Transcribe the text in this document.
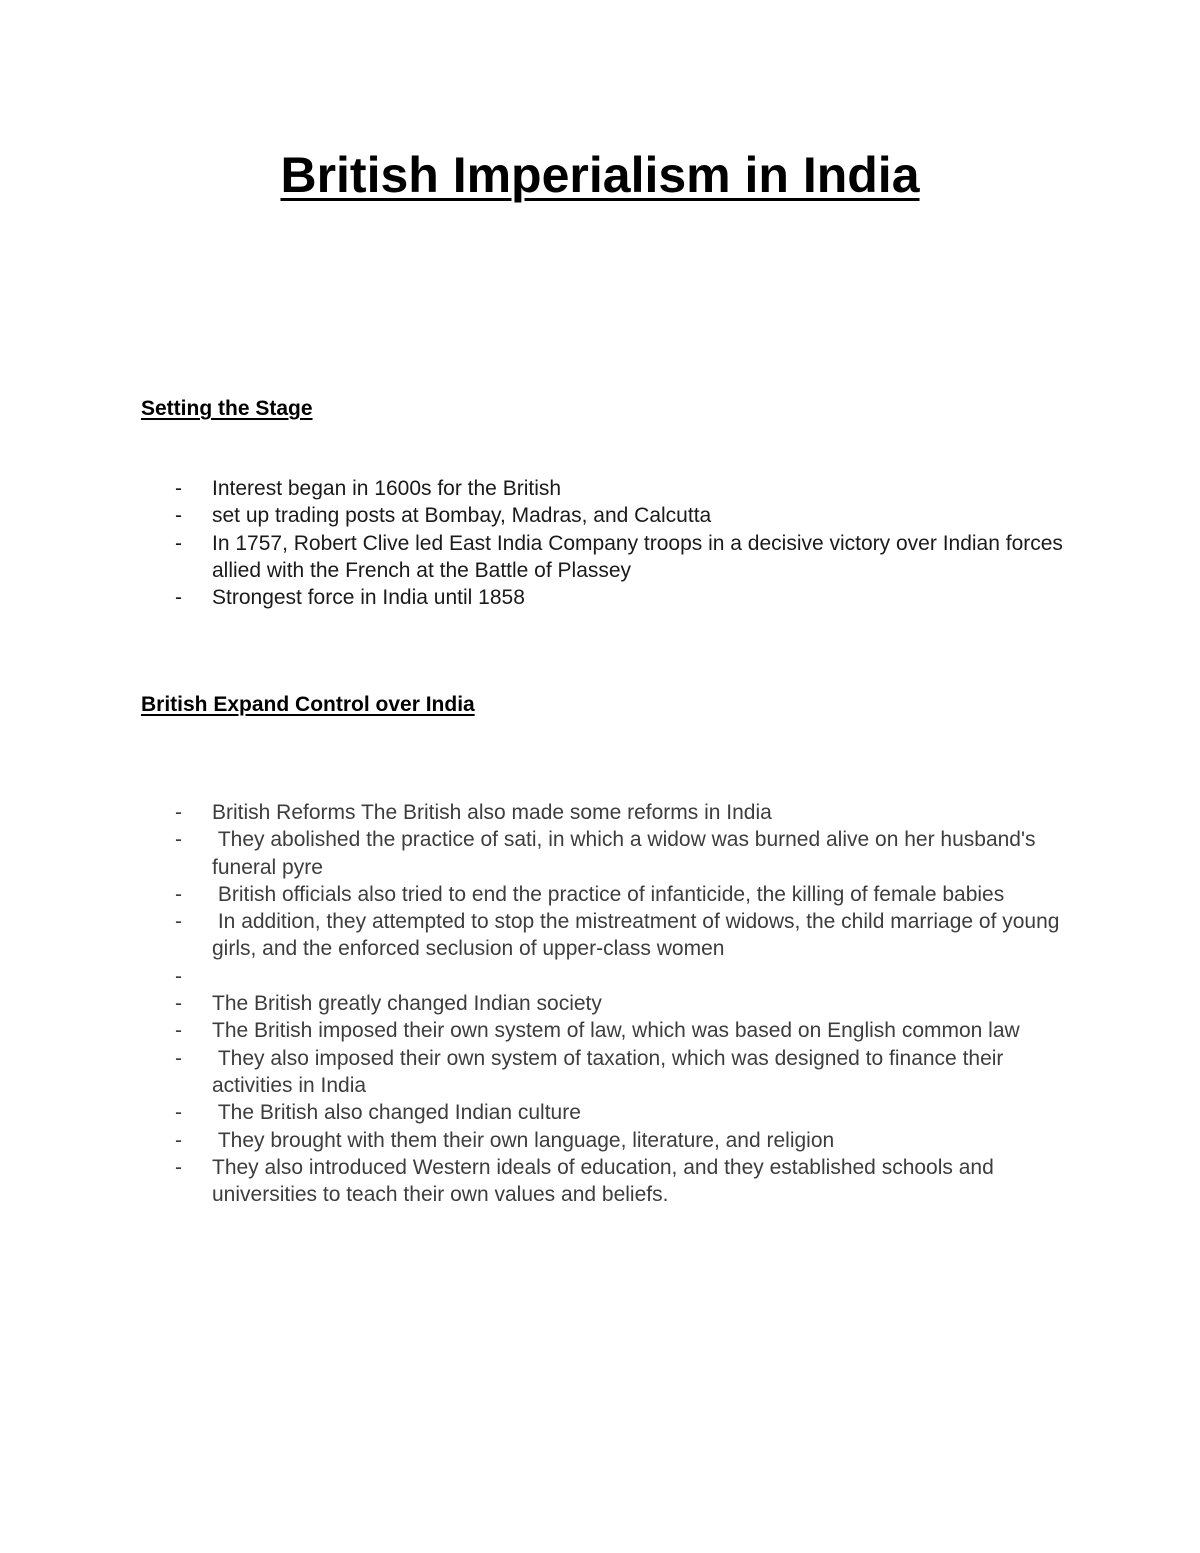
British Imperialism in India
Setting the Stage
- Interest began in 1600s for the British
- set up trading posts at Bombay, Madras, and Calcutta
- In 1757, Robert Clive led East India Company troops in a decisive victory over Indian forces allied with the French at the Battle of Plassey
- Strongest force in India until 1858
British Expand Control over India
- British Reforms The British also made some reforms in India
- They abolished the practice of sati, in which a widow was burned alive on her husband's funeral pyre
- British officials also tried to end the practice of infanticide, the killing of female babies
- In addition, they attempted to stop the mistreatment of widows, the child marriage of young girls, and the enforced seclusion of upper-class women
-
- The British greatly changed Indian society
- The British imposed their own system of law, which was based on English common law
- They also imposed their own system of taxation, which was designed to finance their activities in India
- The British also changed Indian culture
- They brought with them their own language, literature, and religion
- They also introduced Western ideals of education, and they established schools and universities to teach their own values and beliefs.
